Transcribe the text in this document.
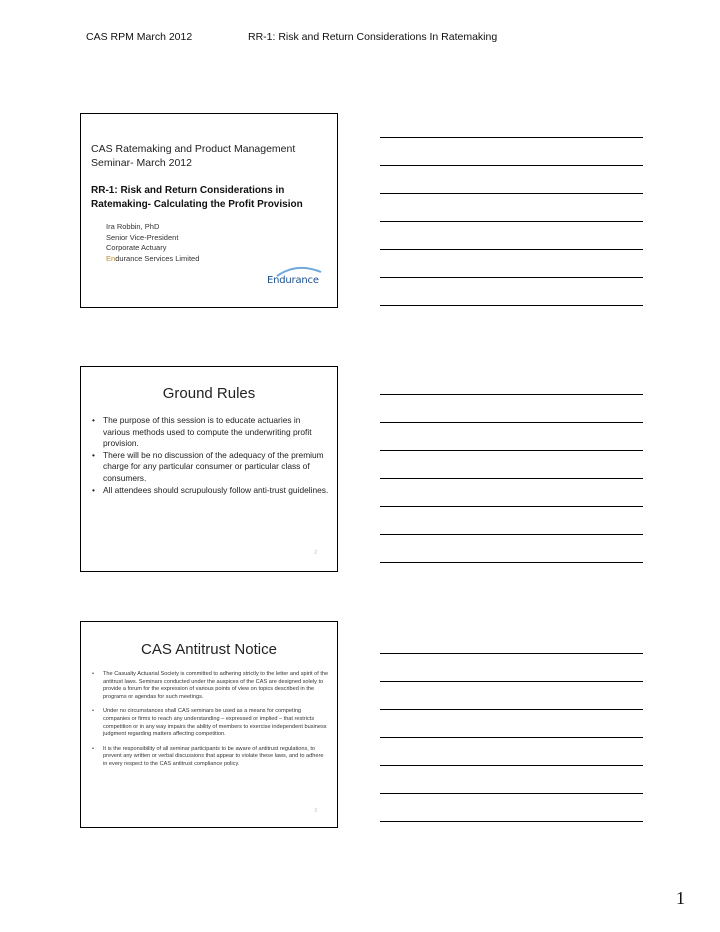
CAS RPM March 2012	RR-1: Risk and Return Considerations In Ratemaking
CAS Ratemaking and Product Management Seminar- March 2012
RR-1: Risk and Return Considerations in Ratemaking- Calculating the Profit Provision
Ira Robbin, PhD
Senior Vice-President
Corporate Actuary
Endurance Services Limited
Endurance
Ground Rules
• The purpose of this session is to educate actuaries in various methods used to compute the underwriting profit provision.
• There will be no discussion of the adequacy of the premium charge for any particular consumer or particular class of consumers.
• All attendees should scrupulously follow anti-trust guidelines.
2
CAS Antitrust Notice
• The Casualty Actuarial Society is committed to adhering strictly to the letter and spirit of the antitrust laws. Seminars conducted under the auspices of the CAS are designed solely to provide a forum for the expression of various points of view on topics described in the programs or agendas for such meetings.
• Under no circumstances shall CAS seminars be used as a means for competing companies or firms to reach any understanding – expressed or implied – that restricts competition or in any way impairs the ability of members to exercise independent business judgment regarding matters affecting competition.
• It is the responsibility of all seminar participants to be aware of antitrust regulations, to prevent any written or verbal discussions that appear to violate these laws, and to adhere in every respect to the CAS antitrust compliance policy.
3
1
